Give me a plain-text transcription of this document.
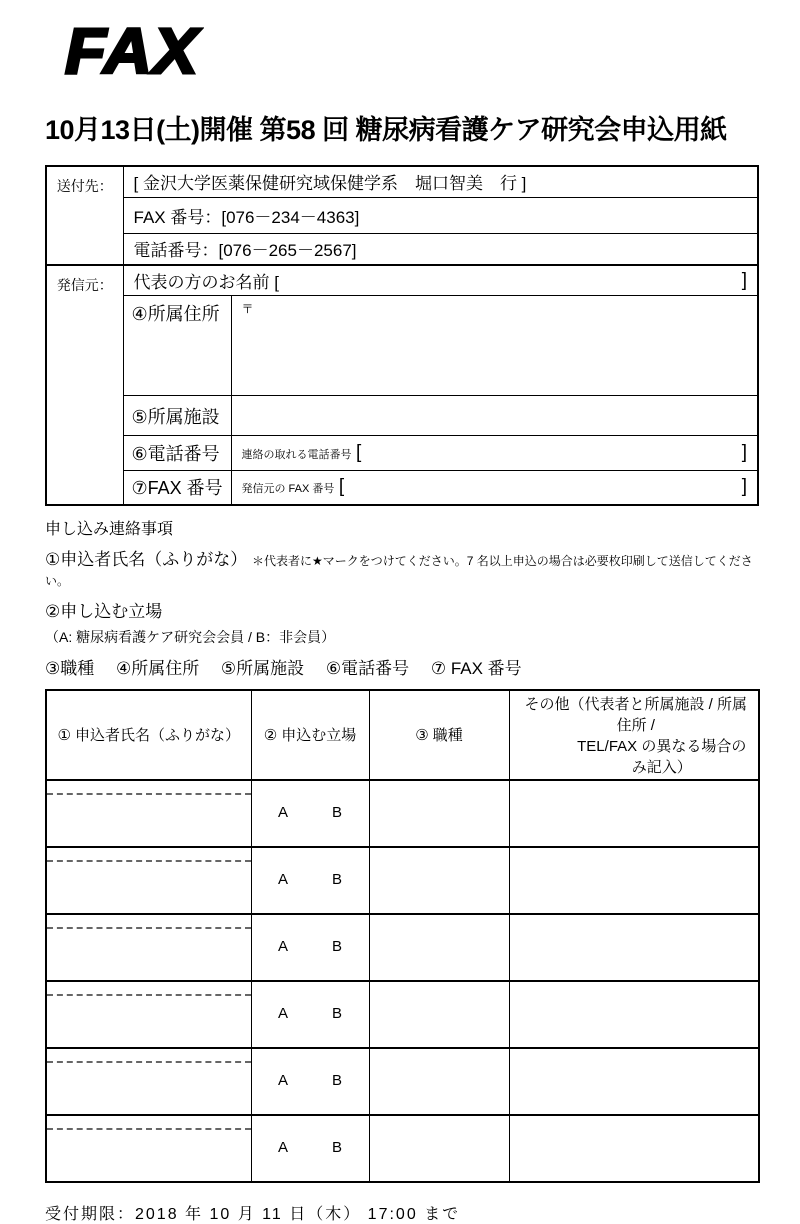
FAX
10月13日(土)開催 第58 回 糖尿病看護ケア研究会申込用紙
送付先：	[ 金沢大学医薬保健研究域保健学系　堀口智美　行 ]	
	FAX 番号：[076－234－4363]	
	電話番号：[076－265－2567]	
発信元：	代表の方のお名前 [ ]	

	④所属住所	〒
	⑤所属施設	
	⑥電話番号	連絡の取れる電話番号 [ ]

	⑦FAX 番号	発信元の FAX 番号 [ ]
申し込み連絡事項
①申込者氏名（ふりがな） ＊代表者に★マークをつけてください。7 名以上申込の場合は必要枚印刷して送信してください。
②申し込む立場
（A: 糖尿病看護ケア研究会会員 / B：非会員）
③職種　 ④所属住所　 ⑤所属施設　 ⑥電話番号　 ⑦ FAX 番号
① 申込者氏名（ふりがな）	② 申込む立場	③ 職種	その他（代表者と所属施設 / 所属住所 /
TEL/FAX の異なる場合のみ記入）

	A B		

	A B		

	A B		

	A B		

	A B		

	A B		

受付期限：2018 年 10 月 11 日（木） 17:00 まで
